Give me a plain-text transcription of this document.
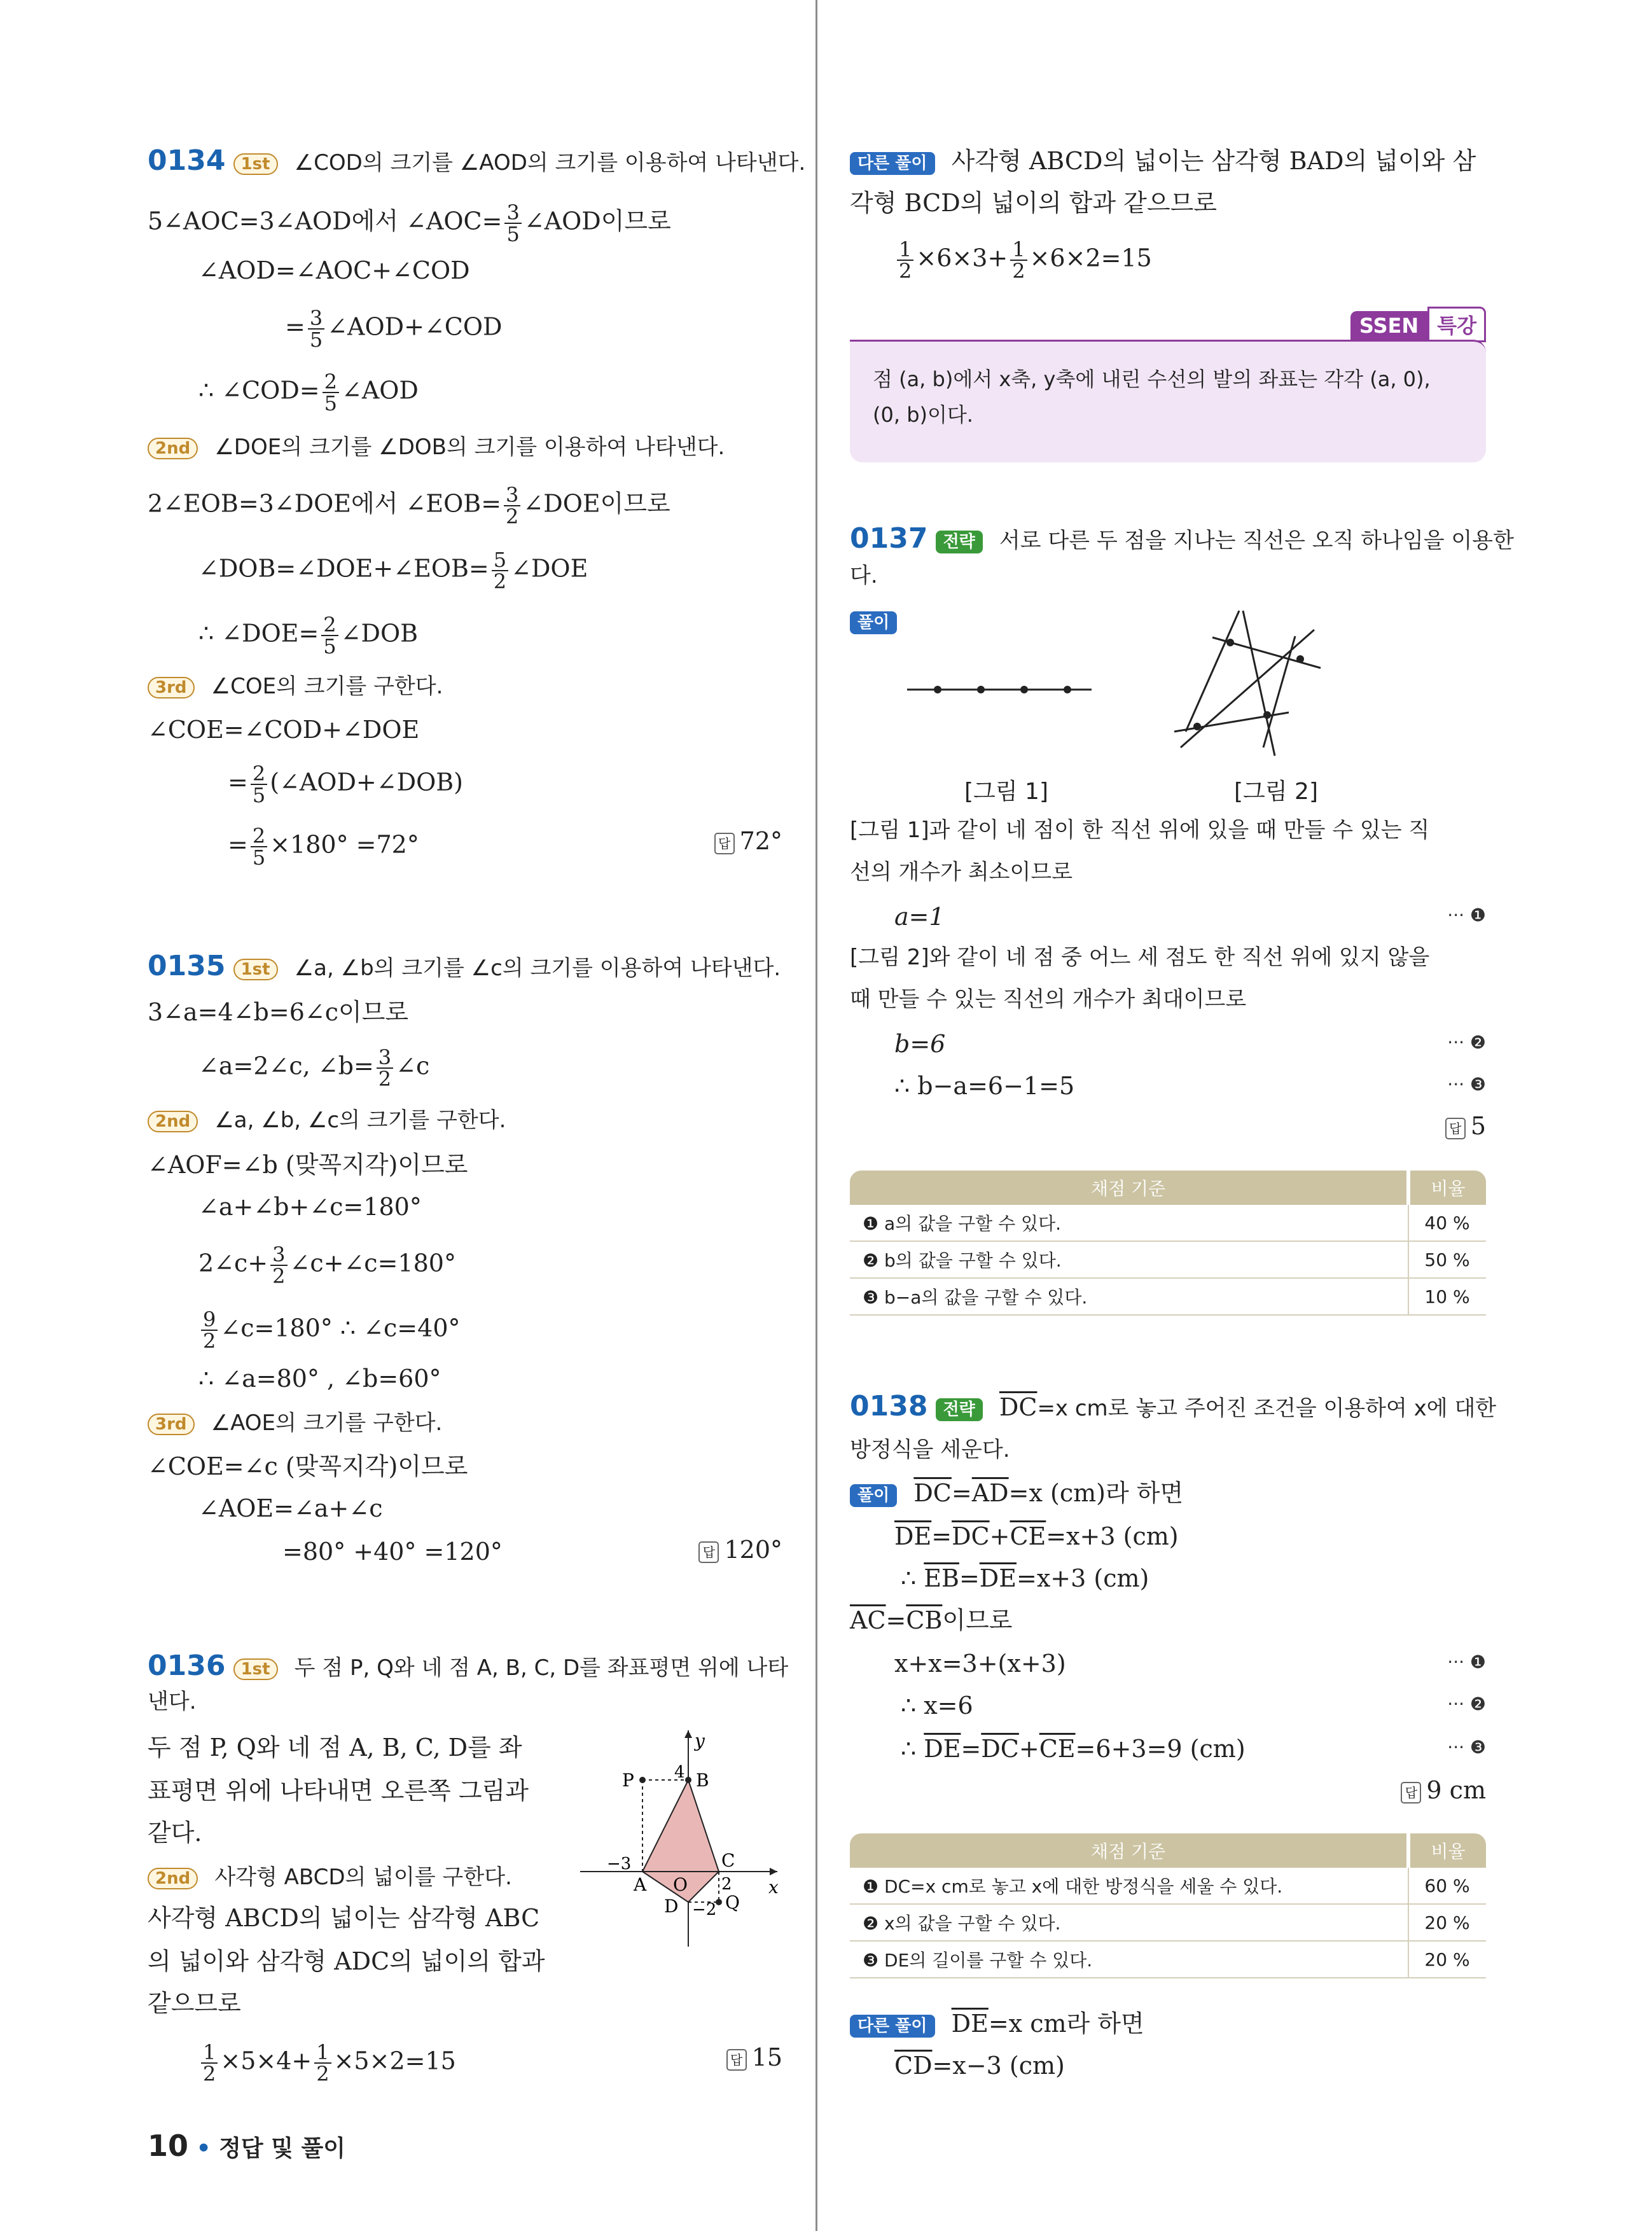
0134 1st ∠COD의 크기를 ∠AOD의 크기를 이용하여 나타낸다.
5∠AOC=3∠AOD에서 ∠AOC= $\frac{3}{5}$ ∠AOD이므로
∠AOD=∠AOC+∠COD
= $\frac{3}{5}$ ∠AOD+∠COD
∴ ∠COD= $\frac{2}{5}$ ∠AOD
2nd ∠DOE의 크기를 ∠DOB의 크기를 이용하여 나타낸다.
2∠EOB=3∠DOE에서 ∠EOB= $\frac{3}{2}$ ∠DOE이므로
∠DOB=∠DOE+∠EOB= $\frac{5}{2}$ ∠DOE
∴ ∠DOE= $\frac{2}{5}$ ∠DOB
3rd ∠COE의 크기를 구한다.
∠COE=∠COD+∠DOE
= $\frac{2}{5}$ (∠AOD+∠DOB)
= $\frac{2}{5} \times 180^\circ =72^\circ$	답 72°
0135 1st ∠a, ∠b의 크기를 ∠c의 크기를 이용하여 나타낸다.
3∠a=4∠b=6∠c이므로
∠a=2∠c, ∠b= $\frac{3}{2}$ ∠c
2nd ∠a, ∠b, ∠c의 크기를 구한다.
∠AOF=∠b (맞꼭지각)이므로
∠a+∠b+∠c=180°
2∠c+ $\frac{3}{2}$ ∠c+∠c=180°
$\frac{9}{2}$ ∠c=180° ∴ ∠c=40°
∴ ∠a=80° , ∠b=60°
3rd ∠AOE의 크기를 구한다.
∠COE=∠c (맞꼭지각)이므로
∠AOE=∠a+∠c
=80° +40° =120°	답 120°
0136 1st 두 점 P, Q와 네 점 A, B, C, D를 좌표평면 위에 나타
낸다.
두 점 P, Q와 네 점 A, B, C, D를 좌
표평면 위에 나타내면 오른쪽 그림과
같다.
2nd 사각형 ABCD의 넓이를 구한다.
사각형 ABCD의 넓이는 삼각형 ABC
의 넓이와 삼각형 ADC의 넓이의 합과
같으므로
$\frac{1}{2} \times 5\times 4+ \frac{1}{2} \times 5\times 2=15$	답 15
y
x
P	B
4
−3
A O
C
2
D −2 Q
10 • 정답 및 풀이
다른 풀이 사각형 ABCD의 넓이는 삼각형 BAD의 넓이와 삼
각형 BCD의 넓이의 합과 같으므로
$\frac{1}{2} \times 6\times 3+ \frac{1}{2} \times 6\times 2=15$
SSEN 특강
점 (a, b)에서 x축, y축에 내린 수선의 발의 좌표는 각각 (a, 0),
(0, b)이다.
0137 전략 서로 다른 두 점을 지나는 직선은 오직 하나임을 이용한
다.
풀이
[그림 1]	[그림 2]
[그림 1]과 같이 네 점이 한 직선 위에 있을 때 만들 수 있는 직
선의 개수가 최소이므로
a=1	··· ❶
[그림 2]와 같이 네 점 중 어느 세 점도 한 직선 위에 있지 않을
때 만들 수 있는 직선의 개수가 최대이므로
b=6	··· ❷
∴ b−a=6−1=5	··· ❸
답 5
채점 기준	비율
❶ a의 값을 구할 수 있다.	40 %
❷ b의 값을 구할 수 있다.	50 %
❸ b−a의 값을 구할 수 있다.	10 %
0138 전략 $\overline{DC}=x$ cm로 놓고 주어진 조건을 이용하여 x에 대한
방정식을 세운다.
풀이 $\overline{DC}=\overline{AD}=x$ (cm)라 하면
$\overline{DE}=\overline{DC}+\overline{CE}=x+3$ (cm)
∴ $\overline{EB}=\overline{DE}=x+3$ (cm)
$\overline{AC}=\overline{CB}$이므로
x+x=3+(x+3)	··· ❶
∴ x=6	··· ❷
∴ $\overline{DE}=\overline{DC}+\overline{CE}=6+3=9$ (cm)	··· ❸
답 9 cm
채점 기준	비율
❶ DC=x cm로 놓고 x에 대한 방정식을 세울 수 있다.	60 %
❷ x의 값을 구할 수 있다.	20 %
❸ DE의 길이를 구할 수 있다.	20 %
다른 풀이 $\overline{DE}=x$ cm라 하면
$\overline{CD}=x-3$ (cm)
